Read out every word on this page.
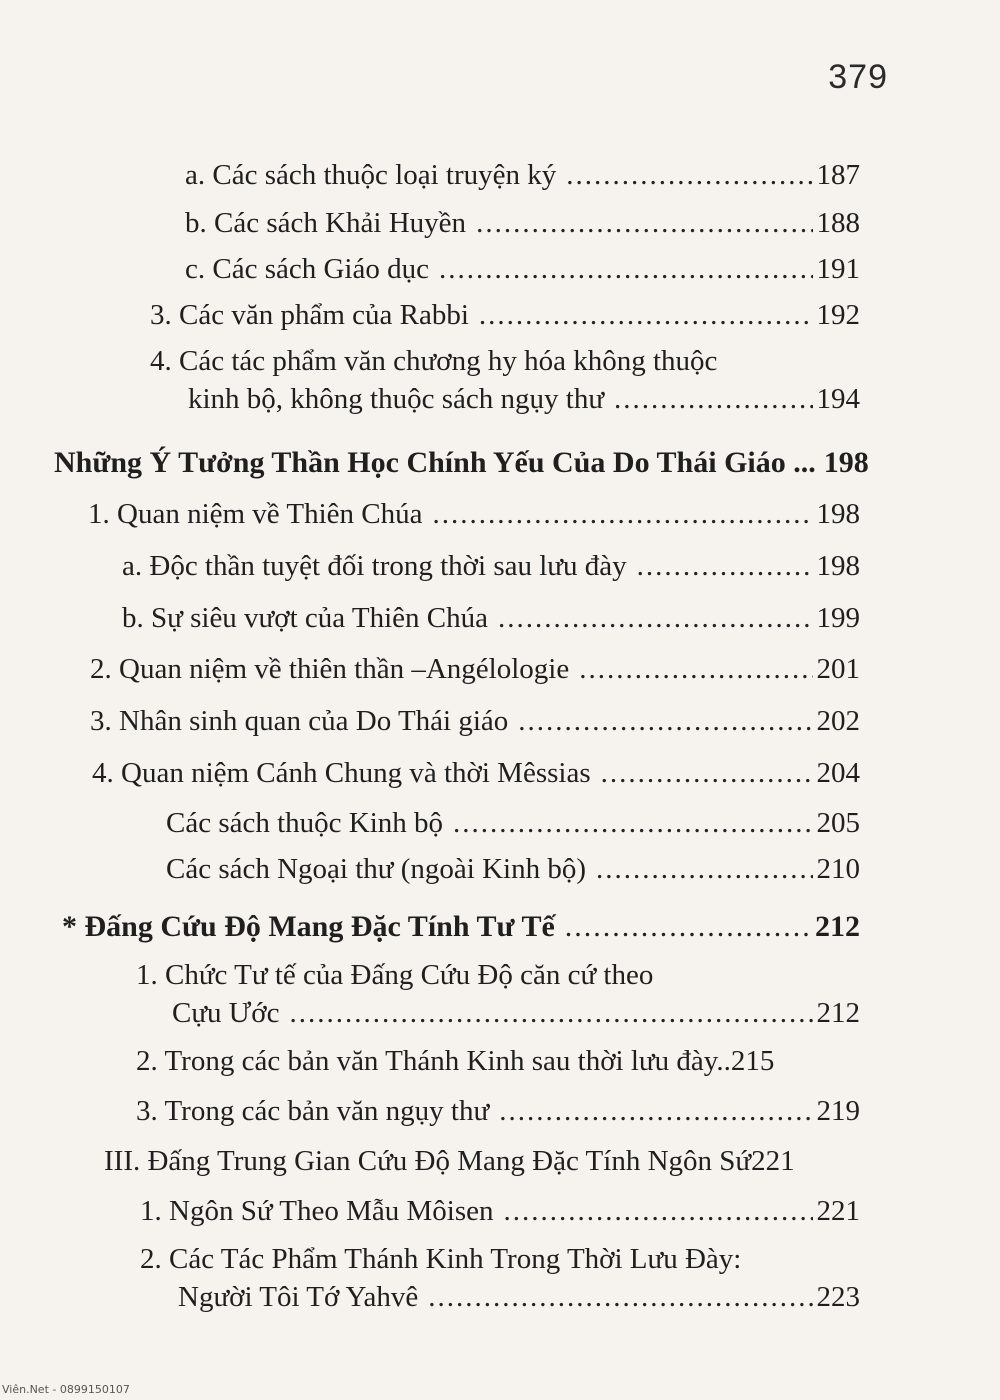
379
a. Các sách thuộc loại truyện ký .....	187
b. Các sách Khải Huyền .....	188
c. Các sách Giáo dục .....	191
3. Các văn phẩm của Rabbi .....	192
4. Các tác phẩm văn chương hy hóa không thuộc
kinh bộ, không thuộc sách ngụy thư .....	194
Những Ý Tưởng Thần Học Chính Yếu Của Do Thái Giáo ... 198
1. Quan niệm về Thiên Chúa .....	198
a. Độc thần tuyệt đối trong thời sau lưu đày .....	198
b. Sự siêu vượt của Thiên Chúa .....	199
2. Quan niệm về thiên thần –Angélologie .....	201
3. Nhân sinh quan của Do Thái giáo .....	202
4. Quan niệm Cánh Chung và thời Mêssias .....	204
Các sách thuộc Kinh bộ .....	205
Các sách Ngoại thư (ngoài Kinh bộ) .....	210
* Đấng Cứu Độ Mang Đặc Tính Tư Tế .....	212
1. Chức Tư tế của Đấng Cứu Độ căn cứ theo
Cựu Ước .....	212
2. Trong các bản văn Thánh Kinh sau thời lưu đày.. 215
3. Trong các bản văn ngụy thư .....	219
III. Đấng Trung Gian Cứu Độ Mang Đặc Tính Ngôn Sứ 221
1. Ngôn Sứ Theo Mẫu Môisen .....	221
2. Các Tác Phẩm Thánh Kinh Trong Thời Lưu Đày:
Người Tôi Tớ Yahvê .....	223
Viên.Net - 0899150107
